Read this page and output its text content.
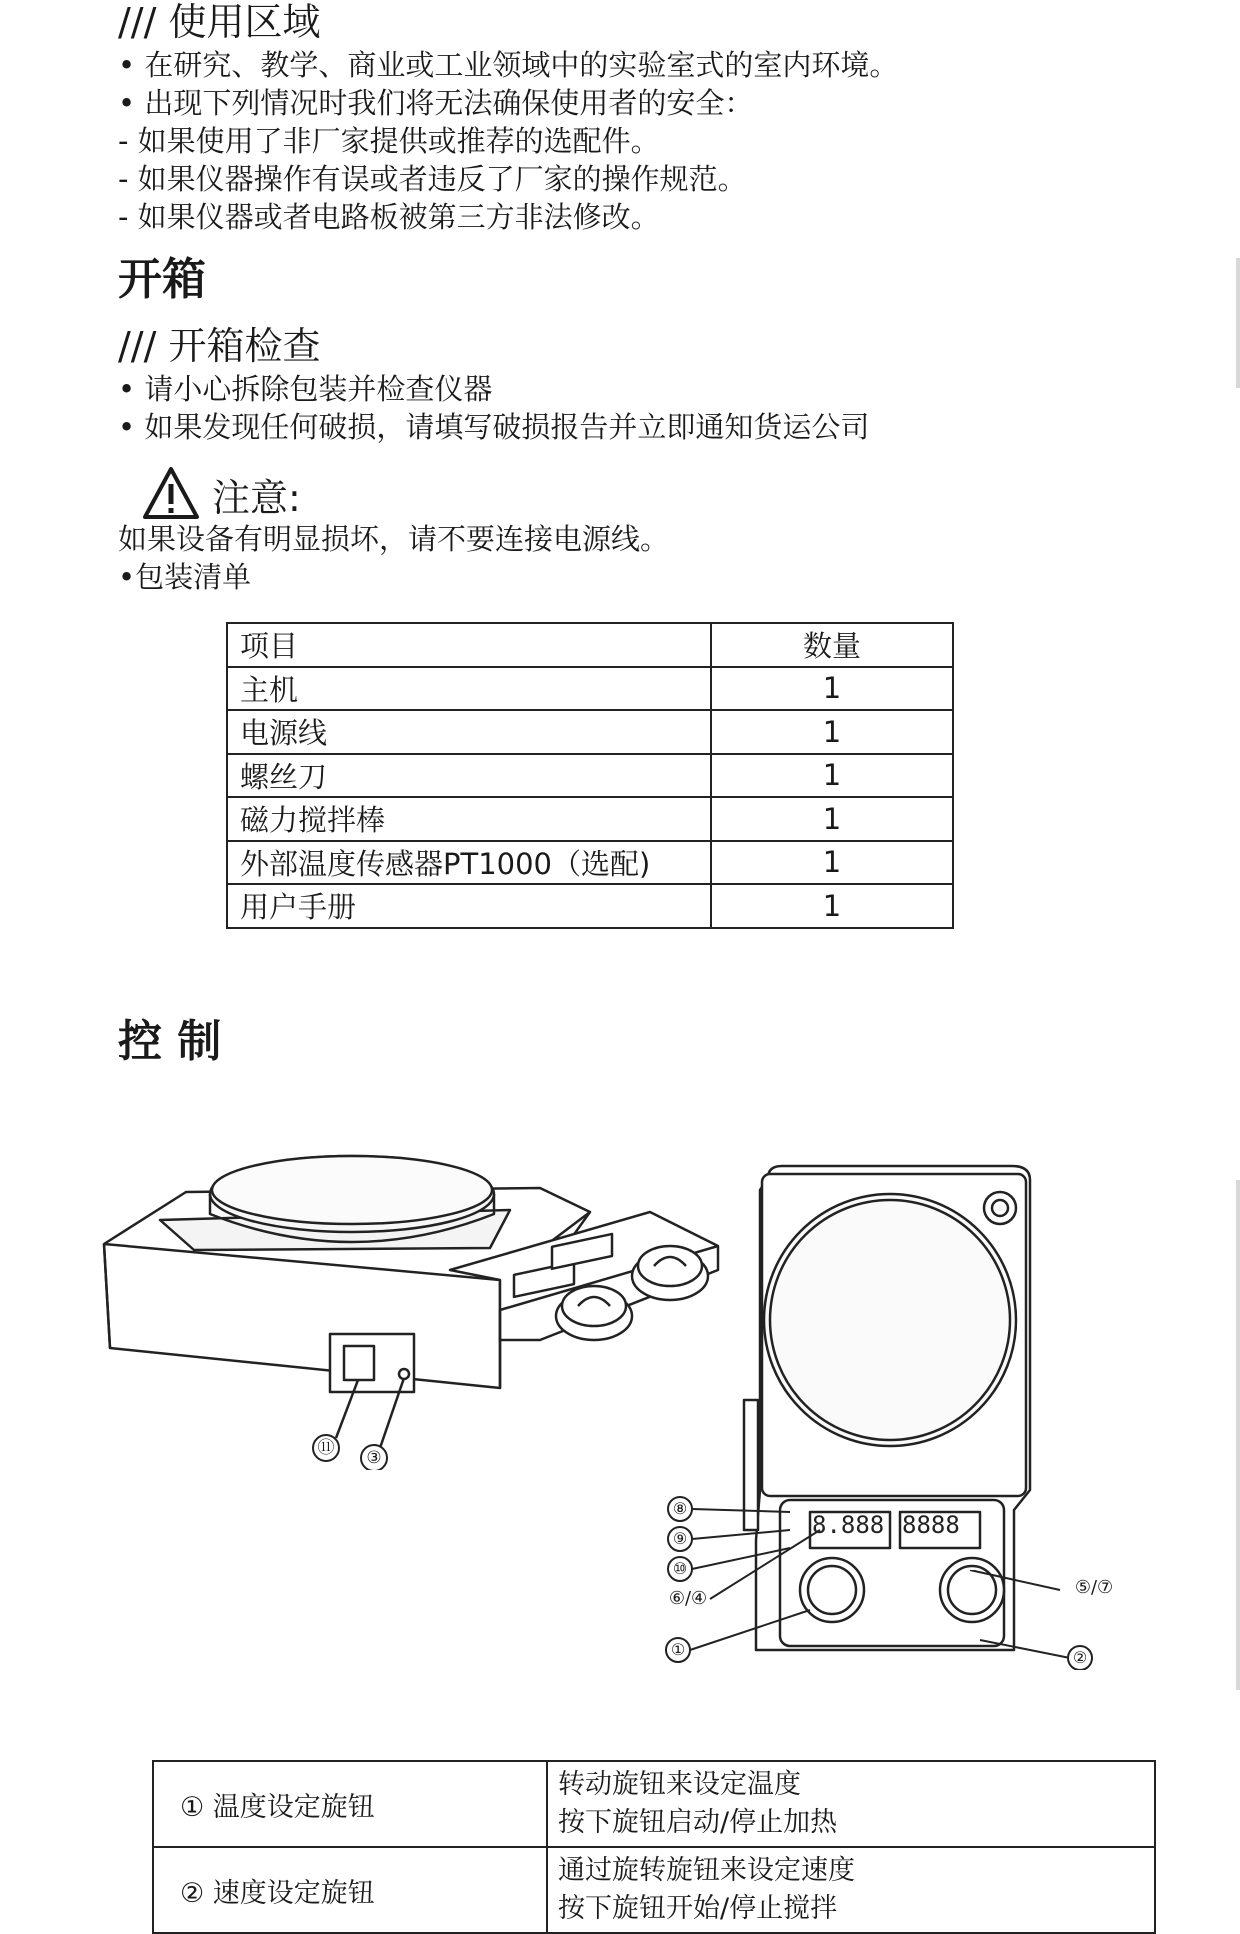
/// 使用区域
• 在研究、教学、商业或工业领域中的实验室式的室内环境。
• 出现下列情况时我们将无法确保使用者的安全：
- 如果使用了非厂家提供或推荐的选配件。
- 如果仪器操作有误或者违反了厂家的操作规范。
- 如果仪器或者电路板被第三方非法修改。
开箱
/// 开箱检查
• 请小心拆除包装并检查仪器
• 如果发现任何破损，请填写破损报告并立即通知货运公司
注意:
如果设备有明显损坏，请不要连接电源线。
•包装清单
项目	数量
主机	1
电源线	1
螺丝刀	1
磁力搅拌棒	1
外部温度传感器PT1000（选配)	1
用户手册	1
控 制
⑪	③
8.888 8888
⑧
⑨
⑩
⑥/④
①
⑤/⑦
②
① 温度设定旋钮	转动旋钮来设定温度
按下旋钮启动/停止加热

② 速度设定旋钮	通过旋转旋钮来设定速度
按下旋钮开始/停止搅拌
